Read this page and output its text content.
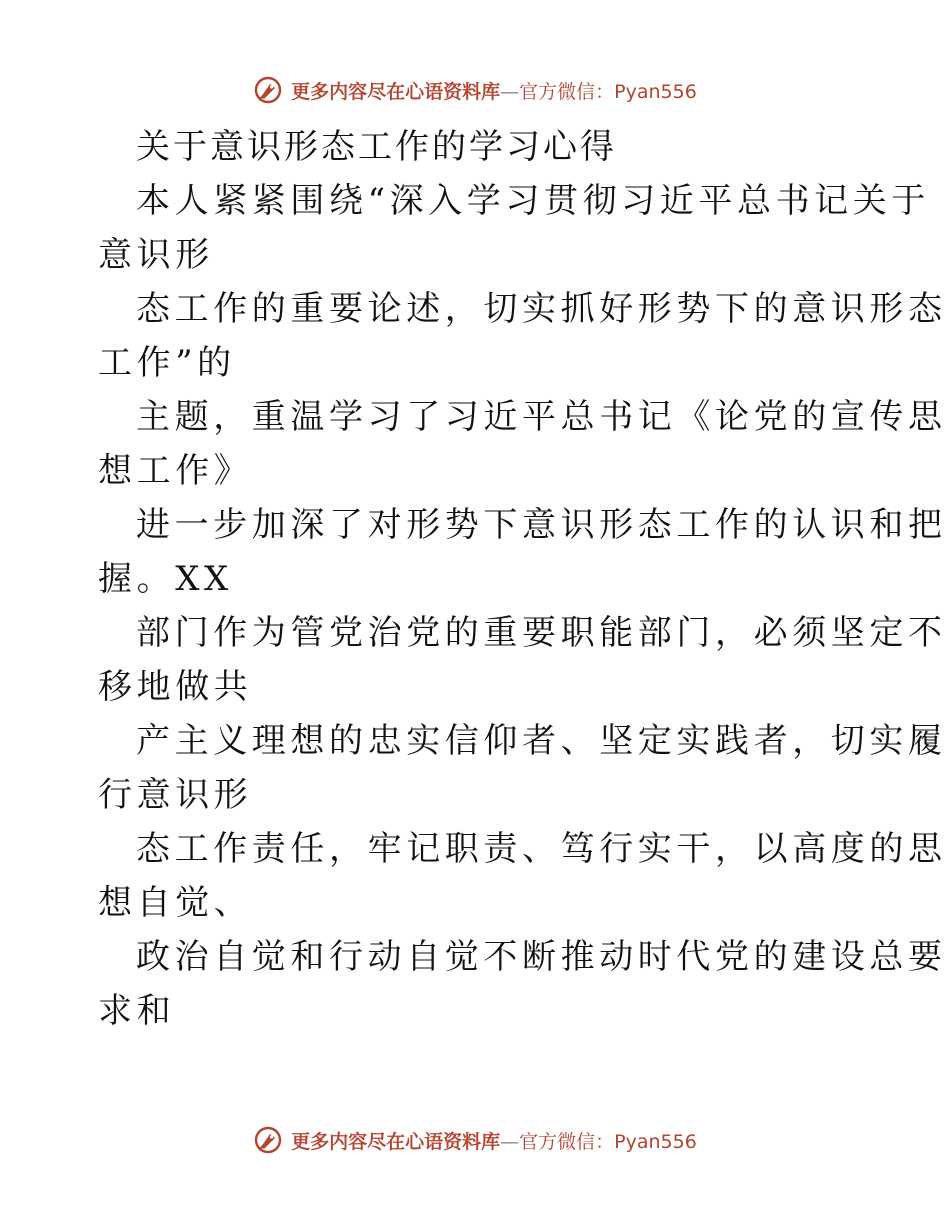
更多内容尽在心语资料库 — 官方微信：Pyan556
关于意识形态工作的学习心得
本人紧紧围绕“深入学习贯彻习近平总书记关于
意识形
态工作的重要论述，切实抓好形势下的意识形态
工作”的
主题，重温学习了习近平总书记《论党的宣传思
想工作》
进一步加深了对形势下意识形态工作的认识和把
握。XX
部门作为管党治党的重要职能部门，必须坚定不
移地做共
产主义理想的忠实信仰者、坚定实践者，切实履
行意识形
态工作责任，牢记职责、笃行实干，以高度的思
想自觉、
政治自觉和行动自觉不断推动时代党的建设总要
求和
更多内容尽在心语资料库 — 官方微信：Pyan556
